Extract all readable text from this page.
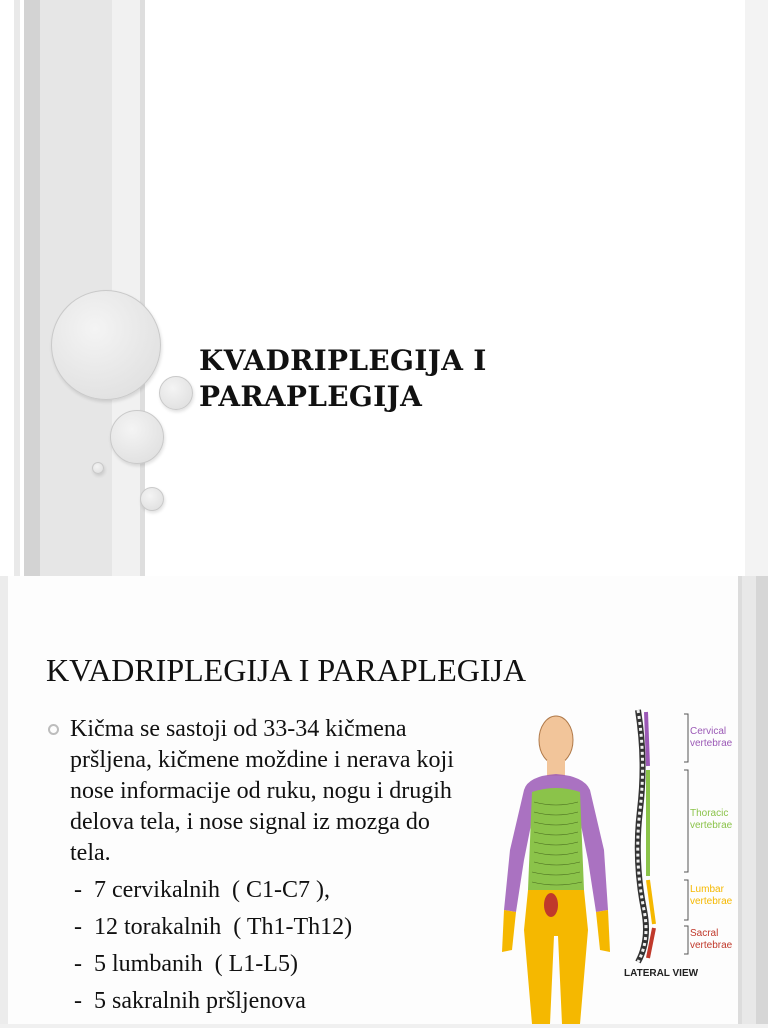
KVADRIPLEGIJA I
PARAPLEGIJA
KVADRIPLEGIJA I PARAPLEGIJA
Kičma se sastoji od 33-34 kičmena pršljena, kičmene moždine i nerava koji nose informacije od ruku, nogu i drugih delova tela, i nose signal iz mozga do tela.
-  7 cervikalnih  ( C1-C7 ),
-  12 torakalnih  ( Th1-Th12)
-  5 lumbanih  ( L1-L5)
-  5 sakralnih pršljenova
Cervical vertebrae
Thoracic vertebrae
Lumbar vertebrae
Sacral vertebrae
LATERAL VIEW
